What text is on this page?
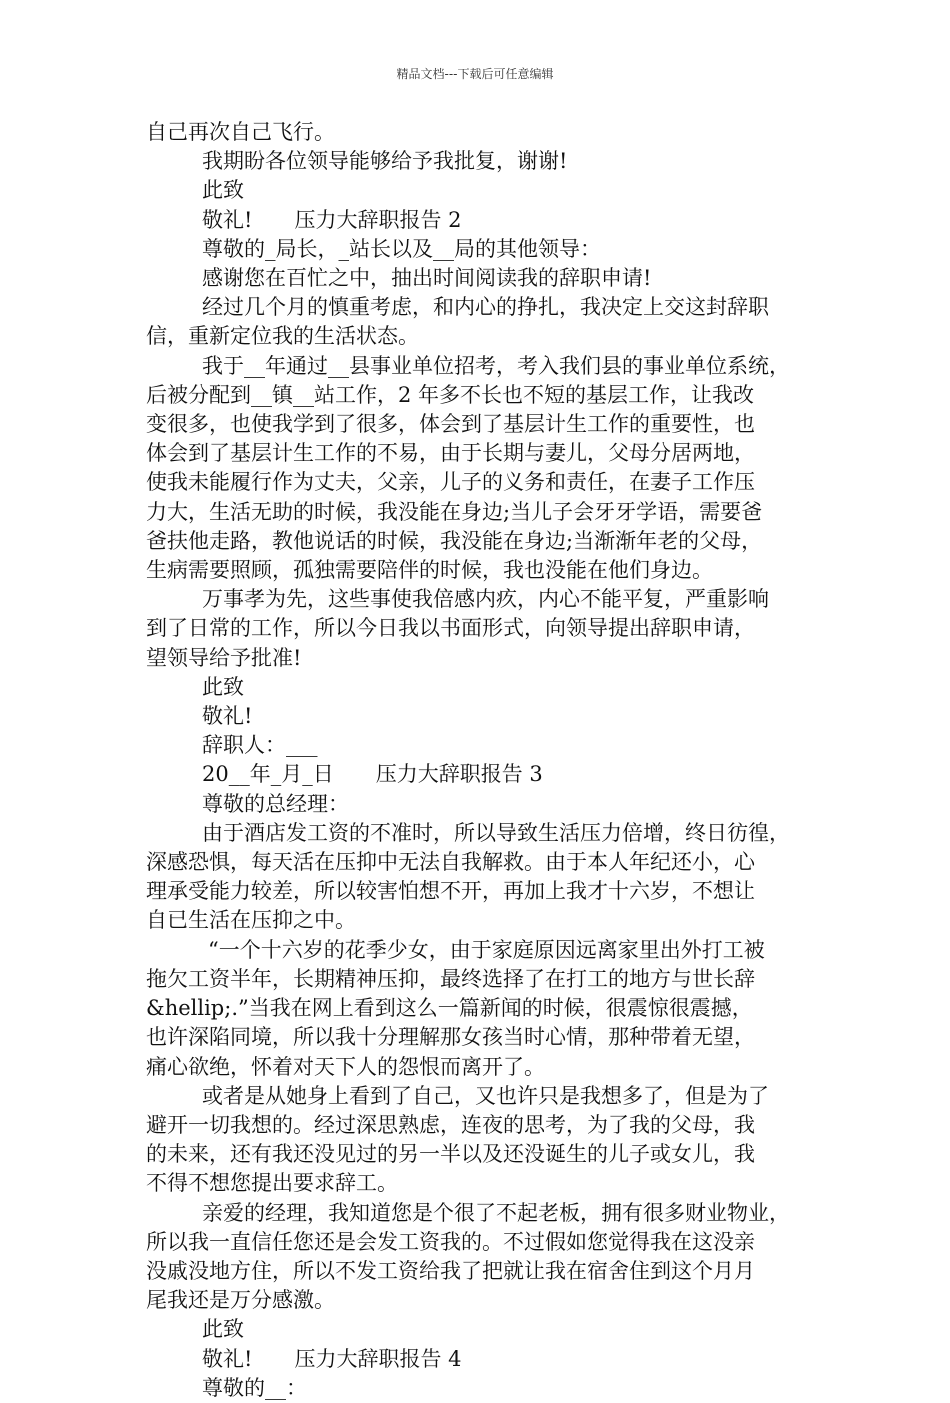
精品文档---下载后可任意编辑

自己再次自己飞行。

我期盼各位领导能够给予我批复，谢谢!

此致

敬礼!　　压力大辞职报告 2

尊敬的_局长，_站长以及__局的其他领导：

感谢您在百忙之中，抽出时间阅读我的辞职申请!

经过几个月的慎重考虑，和内心的挣扎，我决定上交这封辞职

信，重新定位我的生活状态。

我于__年通过__县事业单位招考，考入我们县的事业单位系统，

后被分配到__镇__站工作，2 年多不长也不短的基层工作，让我改

变很多，也使我学到了很多，体会到了基层计生工作的重要性，也

体会到了基层计生工作的不易，由于长期与妻儿，父母分居两地，

使我未能履行作为丈夫，父亲，儿子的义务和责任，在妻子工作压

力大，生活无助的时候，我没能在身边;当儿子会牙牙学语，需要爸

爸扶他走路，教他说话的时候，我没能在身边;当渐渐年老的父母，

生病需要照顾，孤独需要陪伴的时候，我也没能在他们身边。

万事孝为先，这些事使我倍感内疚，内心不能平复，严重影响

到了日常的工作，所以今日我以书面形式，向领导提出辞职申请，

望领导给予批准!

此致

敬礼!

辞职人：___

20__年_月_日　　压力大辞职报告 3

尊敬的总经理：

由于酒店发工资的不准时，所以导致生活压力倍增，终日彷徨，

深感恐惧，每天活在压抑中无法自我解救。由于本人年纪还小，心

理承受能力较差，所以较害怕想不开，再加上我才十六岁，不想让

自已生活在压抑之中。

“一个十六岁的花季少女，由于家庭原因远离家里出外打工被

拖欠工资半年，长期精神压抑，最终选择了在打工的地方与世长辞

&hellip;.”当我在网上看到这么一篇新闻的时候，很震惊很震撼，

也许深陷同境，所以我十分理解那女孩当时心情，那种带着无望，

痛心欲绝，怀着对天下人的怨恨而离开了。

或者是从她身上看到了自己，又也许只是我想多了，但是为了

避开一切我想的。经过深思熟虑，连夜的思考，为了我的父母，我

的未来，还有我还没见过的另一半以及还没诞生的儿子或女儿，我

不得不想您提出要求辞工。

亲爱的经理，我知道您是个很了不起老板，拥有很多财业物业，

所以我一直信任您还是会发工资我的。不过假如您觉得我在这没亲

没戚没地方住，所以不发工资给我了把就让我在宿舍住到这个月月

尾我还是万分感激。

此致

敬礼!　　压力大辞职报告 4

尊敬的__：
